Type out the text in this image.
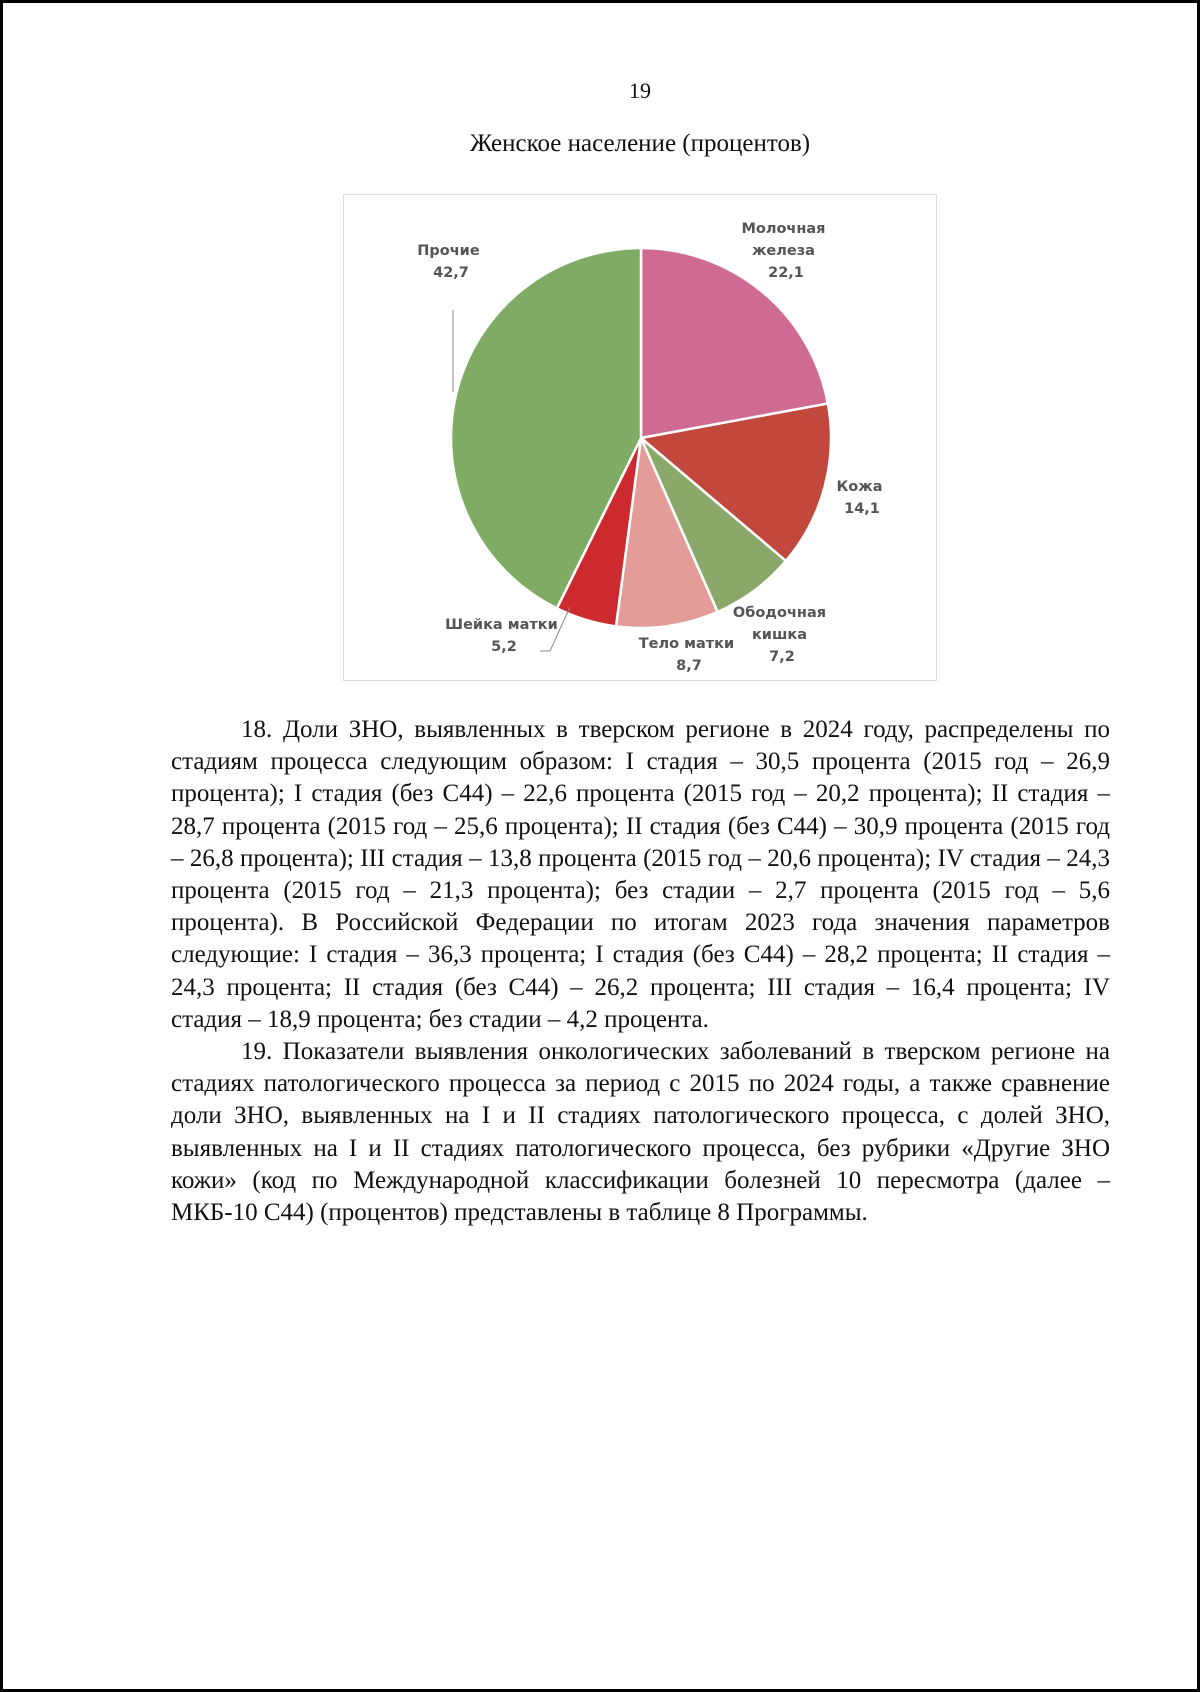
19
Женское население (процентов)
Молочная железа 22,1
Кожа 14,1
Ободочная кишка 7,2
Тело матки 8,7
Шейка матки 5,2
Прочие 42,7

18. Доли ЗНО, выявленных в тверском регионе в 2024 году, распределены по стадиям процесса следующим образом: I стадия – 30,5 процента (2015 год – 26,9 процента); I стадия (без С44) – 22,6 процента (2015 год – 20,2 процента); II стадия – 28,7 процента (2015 год – 25,6 процента); II стадия (без С44) – 30,9 процента (2015 год – 26,8 процента); III стадия – 13,8 процента (2015 год – 20,6 процента); IV стадия – 24,3 процента (2015 год – 21,3 процента); без стадии – 2,7 процента (2015 год – 5,6 процента). В Российской Федерации по итогам 2023 года значения параметров следующие: I стадия – 36,3 процента; I стадия (без С44) – 28,2 процента; II стадия – 24,3 процента; II стадия (без С44) – 26,2 процента; III стадия – 16,4 процента; IV стадия – 18,9 процента; без стадии – 4,2 процента.

19. Показатели выявления онкологических заболеваний в тверском регионе на стадиях патологического процесса за период с 2015 по 2024 годы, а также сравнение доли ЗНО, выявленных на I и II стадиях патологического процесса, с долей ЗНО, выявленных на I и II стадиях патологического процесса, без рубрики «Другие ЗНО кожи» (код по Международной классификации болезней 10 пересмотра (далее – МКБ-10 С44) (процентов) представлены в таблице 8 Программы.
